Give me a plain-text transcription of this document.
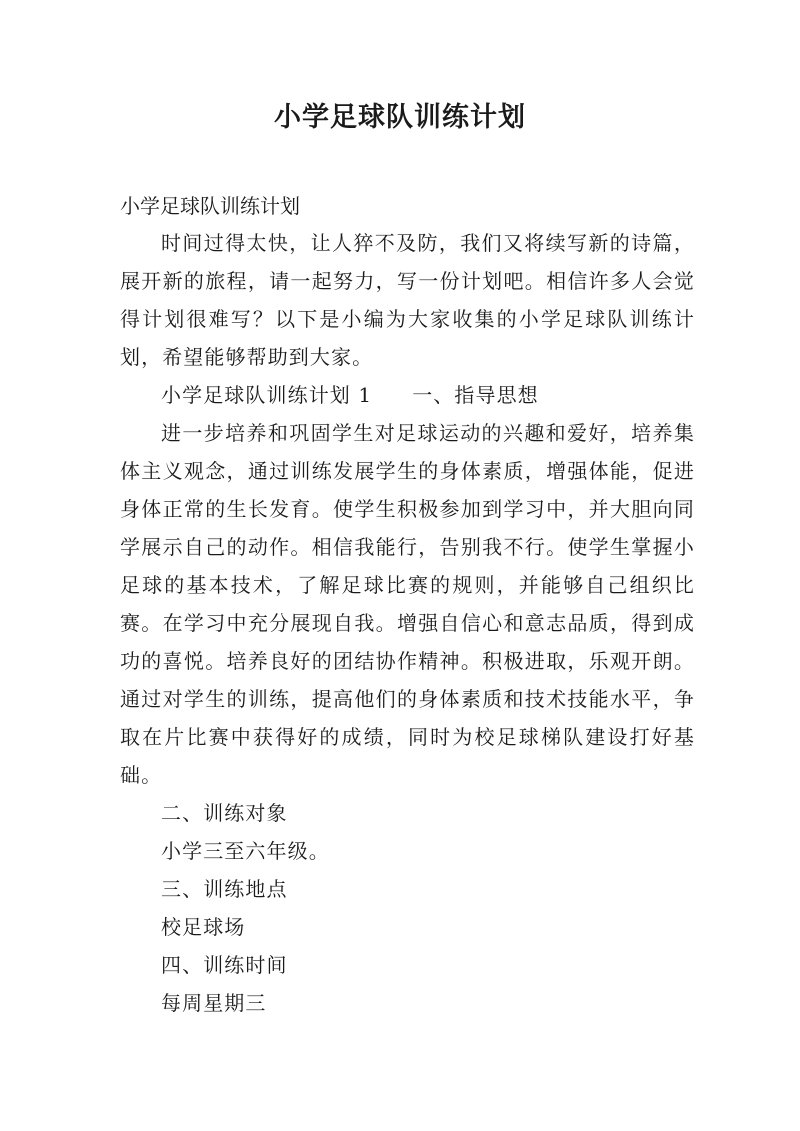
小学足球队训练计划

小学足球队训练计划

时间过得太快，让人猝不及防，我们又将续写新的诗篇，展开新的旅程，请一起努力，写一份计划吧。相信许多人会觉得计划很难写？以下是小编为大家收集的小学足球队训练计划，希望能够帮助到大家。

小学足球队训练计划 1 一、指导思想

进一步培养和巩固学生对足球运动的兴趣和爱好，培养集体主义观念，通过训练发展学生的身体素质，增强体能，促进身体正常的生长发育。使学生积极参加到学习中，并大胆向同学展示自己的动作。相信我能行，告别我不行。使学生掌握小足球的基本技术，了解足球比赛的规则，并能够自己组织比赛。在学习中充分展现自我。增强自信心和意志品质，得到成功的喜悦。培养良好的团结协作精神。积极进取，乐观开朗。通过对学生的训练，提高他们的身体素质和技术技能水平，争取在片比赛中获得好的成绩，同时为校足球梯队建设打好基础。

二、训练对象

小学三至六年级。

三、训练地点

校足球场

四、训练时间

每周星期三
